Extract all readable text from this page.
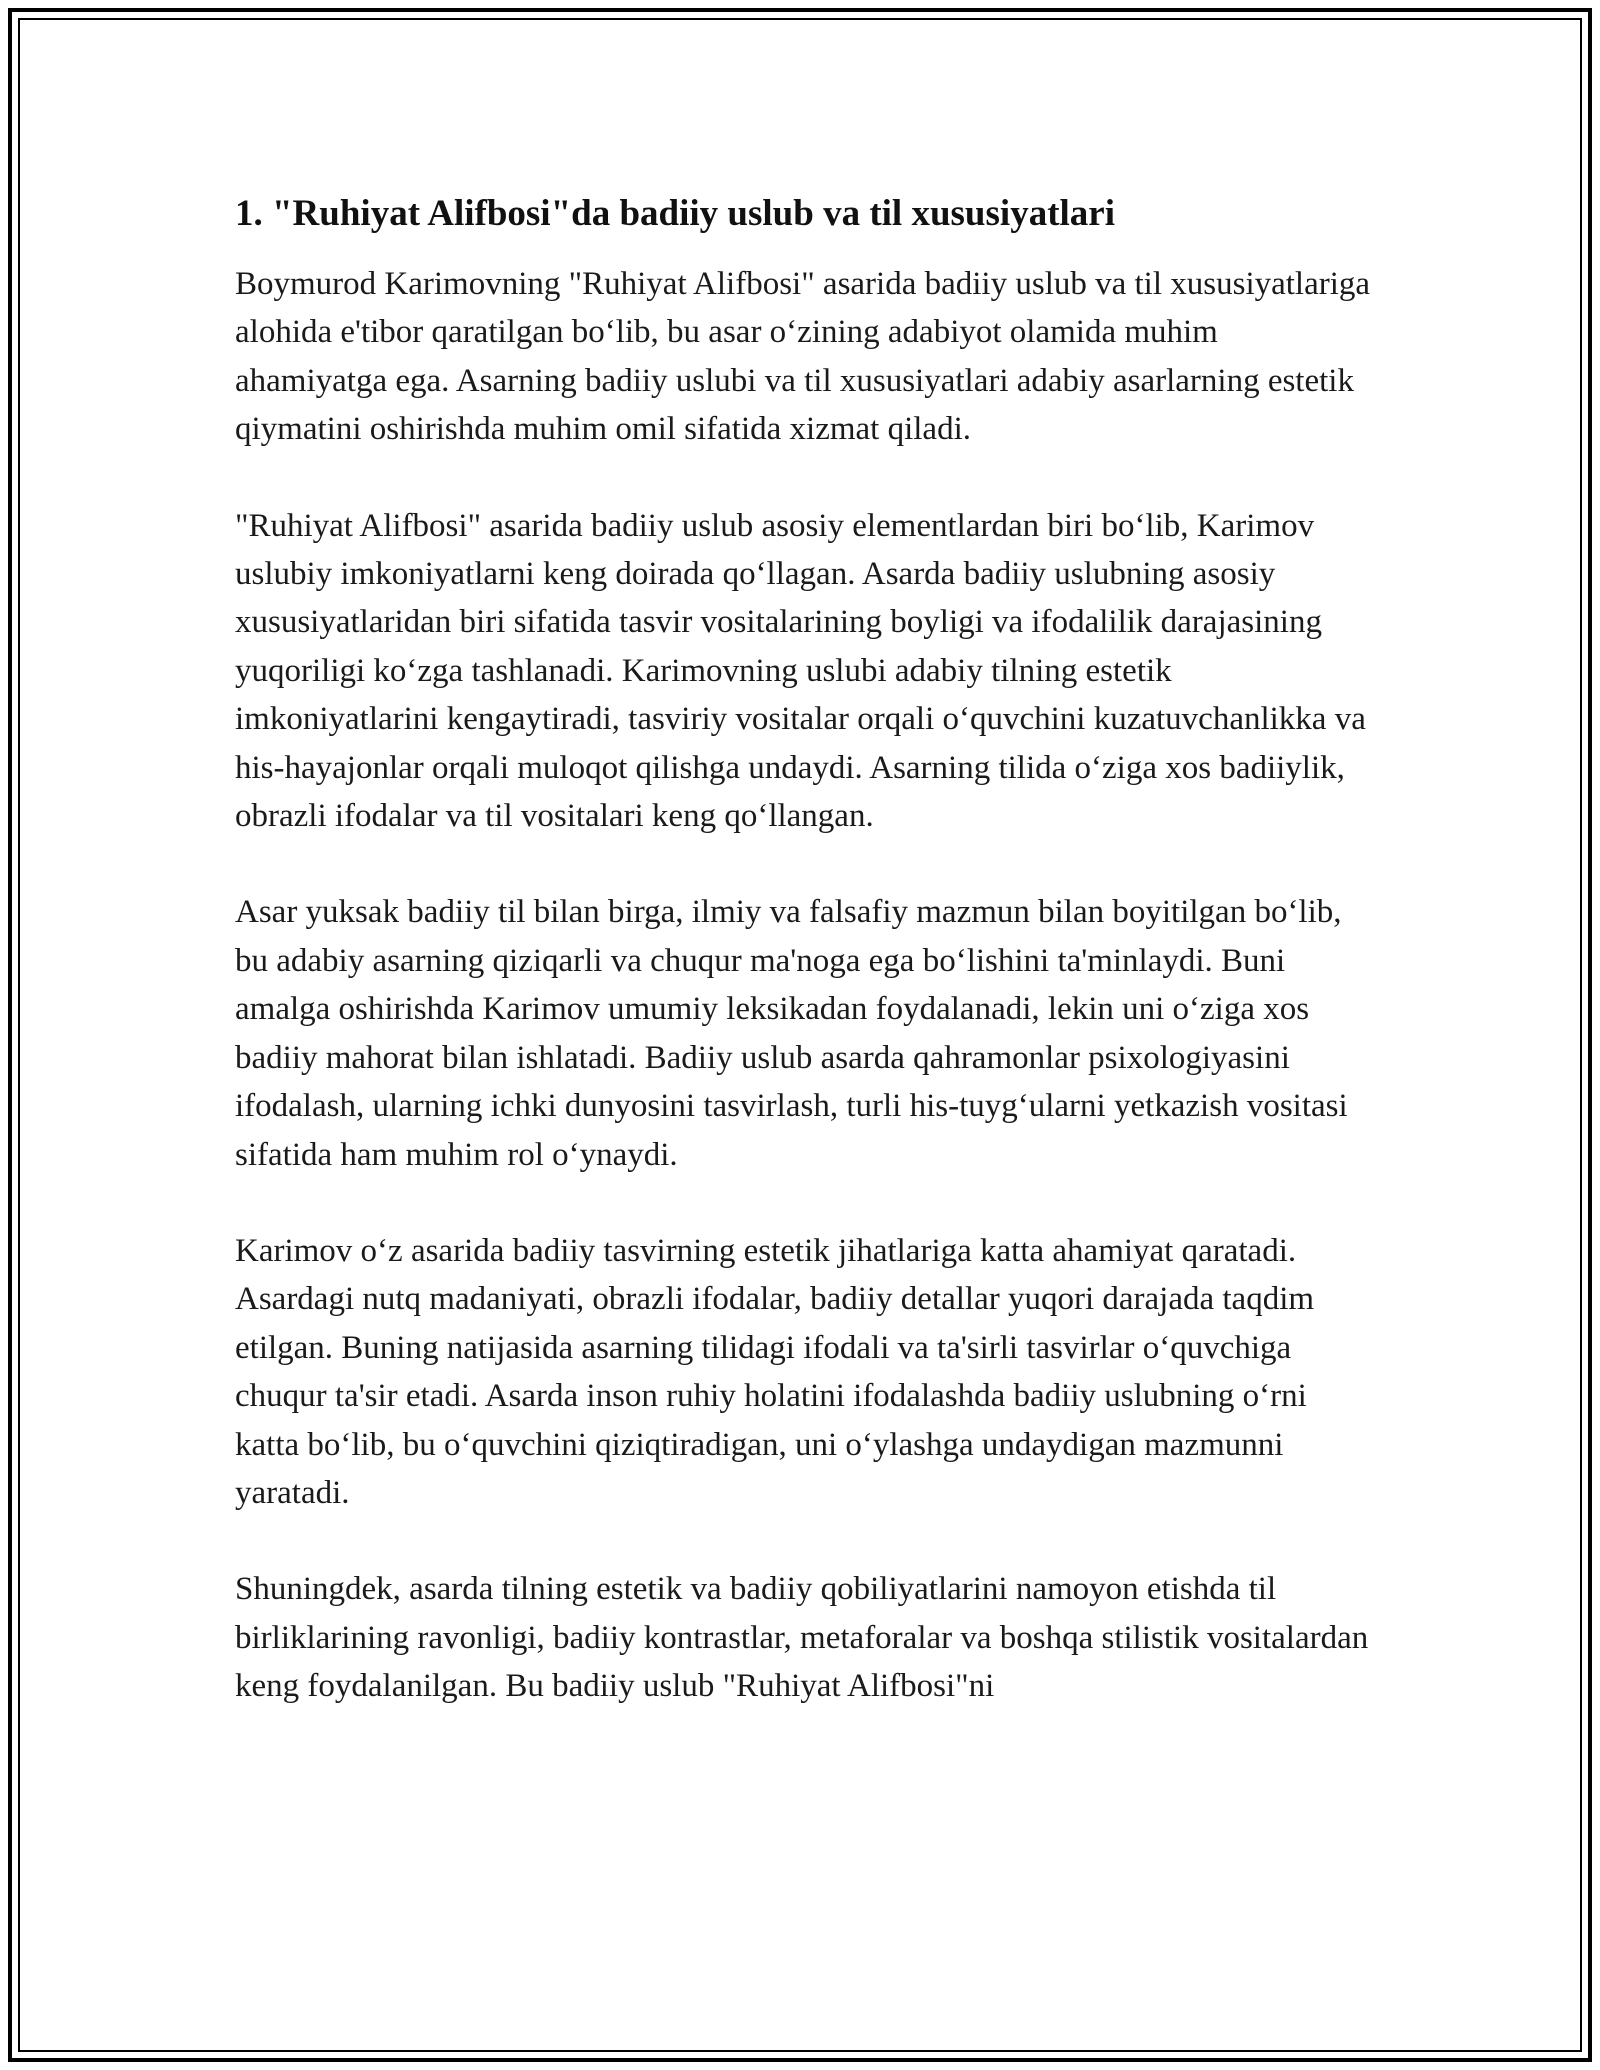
1. "Ruhiyat Alifbosi"da badiiy uslub va til xususiyatlari

Boymurod Karimovning "Ruhiyat Alifbosi" asarida badiiy uslub va til xususiyatlariga alohida e'tibor qaratilgan bo‘lib, bu asar o‘zining adabiyot olamida muhim ahamiyatga ega. Asarning badiiy uslubi va til xususiyatlari adabiy asarlarning estetik qiymatini oshirishda muhim omil sifatida xizmat qiladi.

"Ruhiyat Alifbosi" asarida badiiy uslub asosiy elementlardan biri bo‘lib, Karimov uslubiy imkoniyatlarni keng doirada qo‘llagan. Asarda badiiy uslubning asosiy xususiyatlaridan biri sifatida tasvir vositalarining boyligi va ifodalilik darajasining yuqoriligi ko‘zga tashlanadi. Karimovning uslubi adabiy tilning estetik imkoniyatlarini kengaytiradi, tasviriy vositalar orqali o‘quvchini kuzatuvchanlikka va his-hayajonlar orqali muloqot qilishga undaydi. Asarning tilida o‘ziga xos badiiylik, obrazli ifodalar va til vositalari keng qo‘llangan.

Asar yuksak badiiy til bilan birga, ilmiy va falsafiy mazmun bilan boyitilgan bo‘lib, bu adabiy asarning qiziqarli va chuqur ma'noga ega bo‘lishini ta'minlaydi. Buni amalga oshirishda Karimov umumiy leksikadan foydalanadi, lekin uni o‘ziga xos badiiy mahorat bilan ishlatadi. Badiiy uslub asarda qahramonlar psixologiyasini ifodalash, ularning ichki dunyosini tasvirlash, turli his-tuyg‘ularni yetkazish vositasi sifatida ham muhim rol o‘ynaydi.

Karimov o‘z asarida badiiy tasvirning estetik jihatlariga katta ahamiyat qaratadi. Asardagi nutq madaniyati, obrazli ifodalar, badiiy detallar yuqori darajada taqdim etilgan. Buning natijasida asarning tilidagi ifodali va ta'sirli tasvirlar o‘quvchiga chuqur ta'sir etadi. Asarda inson ruhiy holatini ifodalashda badiiy uslubning o‘rni katta bo‘lib, bu o‘quvchini qiziqtiradigan, uni o‘ylashga undaydigan mazmunni yaratadi.

Shuningdek, asarda tilning estetik va badiiy qobiliyatlarini namoyon etishda til birliklarining ravonligi, badiiy kontrastlar, metaforalar va boshqa stilistik vositalardan keng foydalanilgan. Bu badiiy uslub "Ruhiyat Alifbosi"ni
